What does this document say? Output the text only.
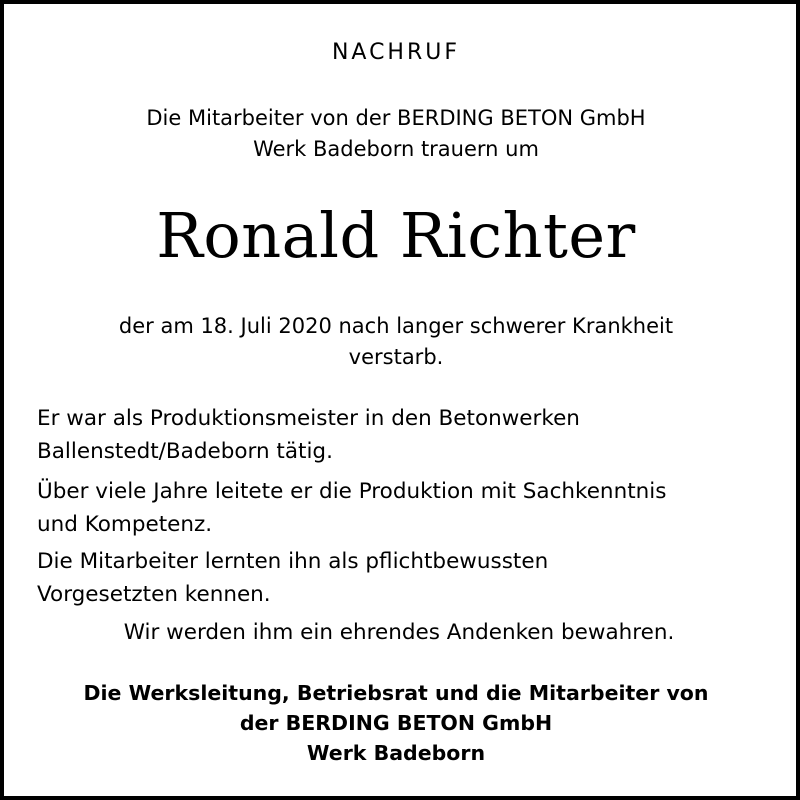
NACHRUF
Die Mitarbeiter von der BERDING BETON GmbH
Werk Badeborn trauern um
Ronald Richter
der am 18. Juli 2020 nach langer schwerer Krankheit
verstarb.
Er war als Produktionsmeister in den Betonwerken
Ballenstedt/Badeborn tätig.
Über viele Jahre leitete er die Produktion mit Sachkenntnis
und Kompetenz.
Die Mitarbeiter lernten ihn als pflichtbewussten
Vorgesetzten kennen.
Wir werden ihm ein ehrendes Andenken bewahren.
Die Werksleitung, Betriebsrat und die Mitarbeiter von
der BERDING BETON GmbH
Werk Badeborn
